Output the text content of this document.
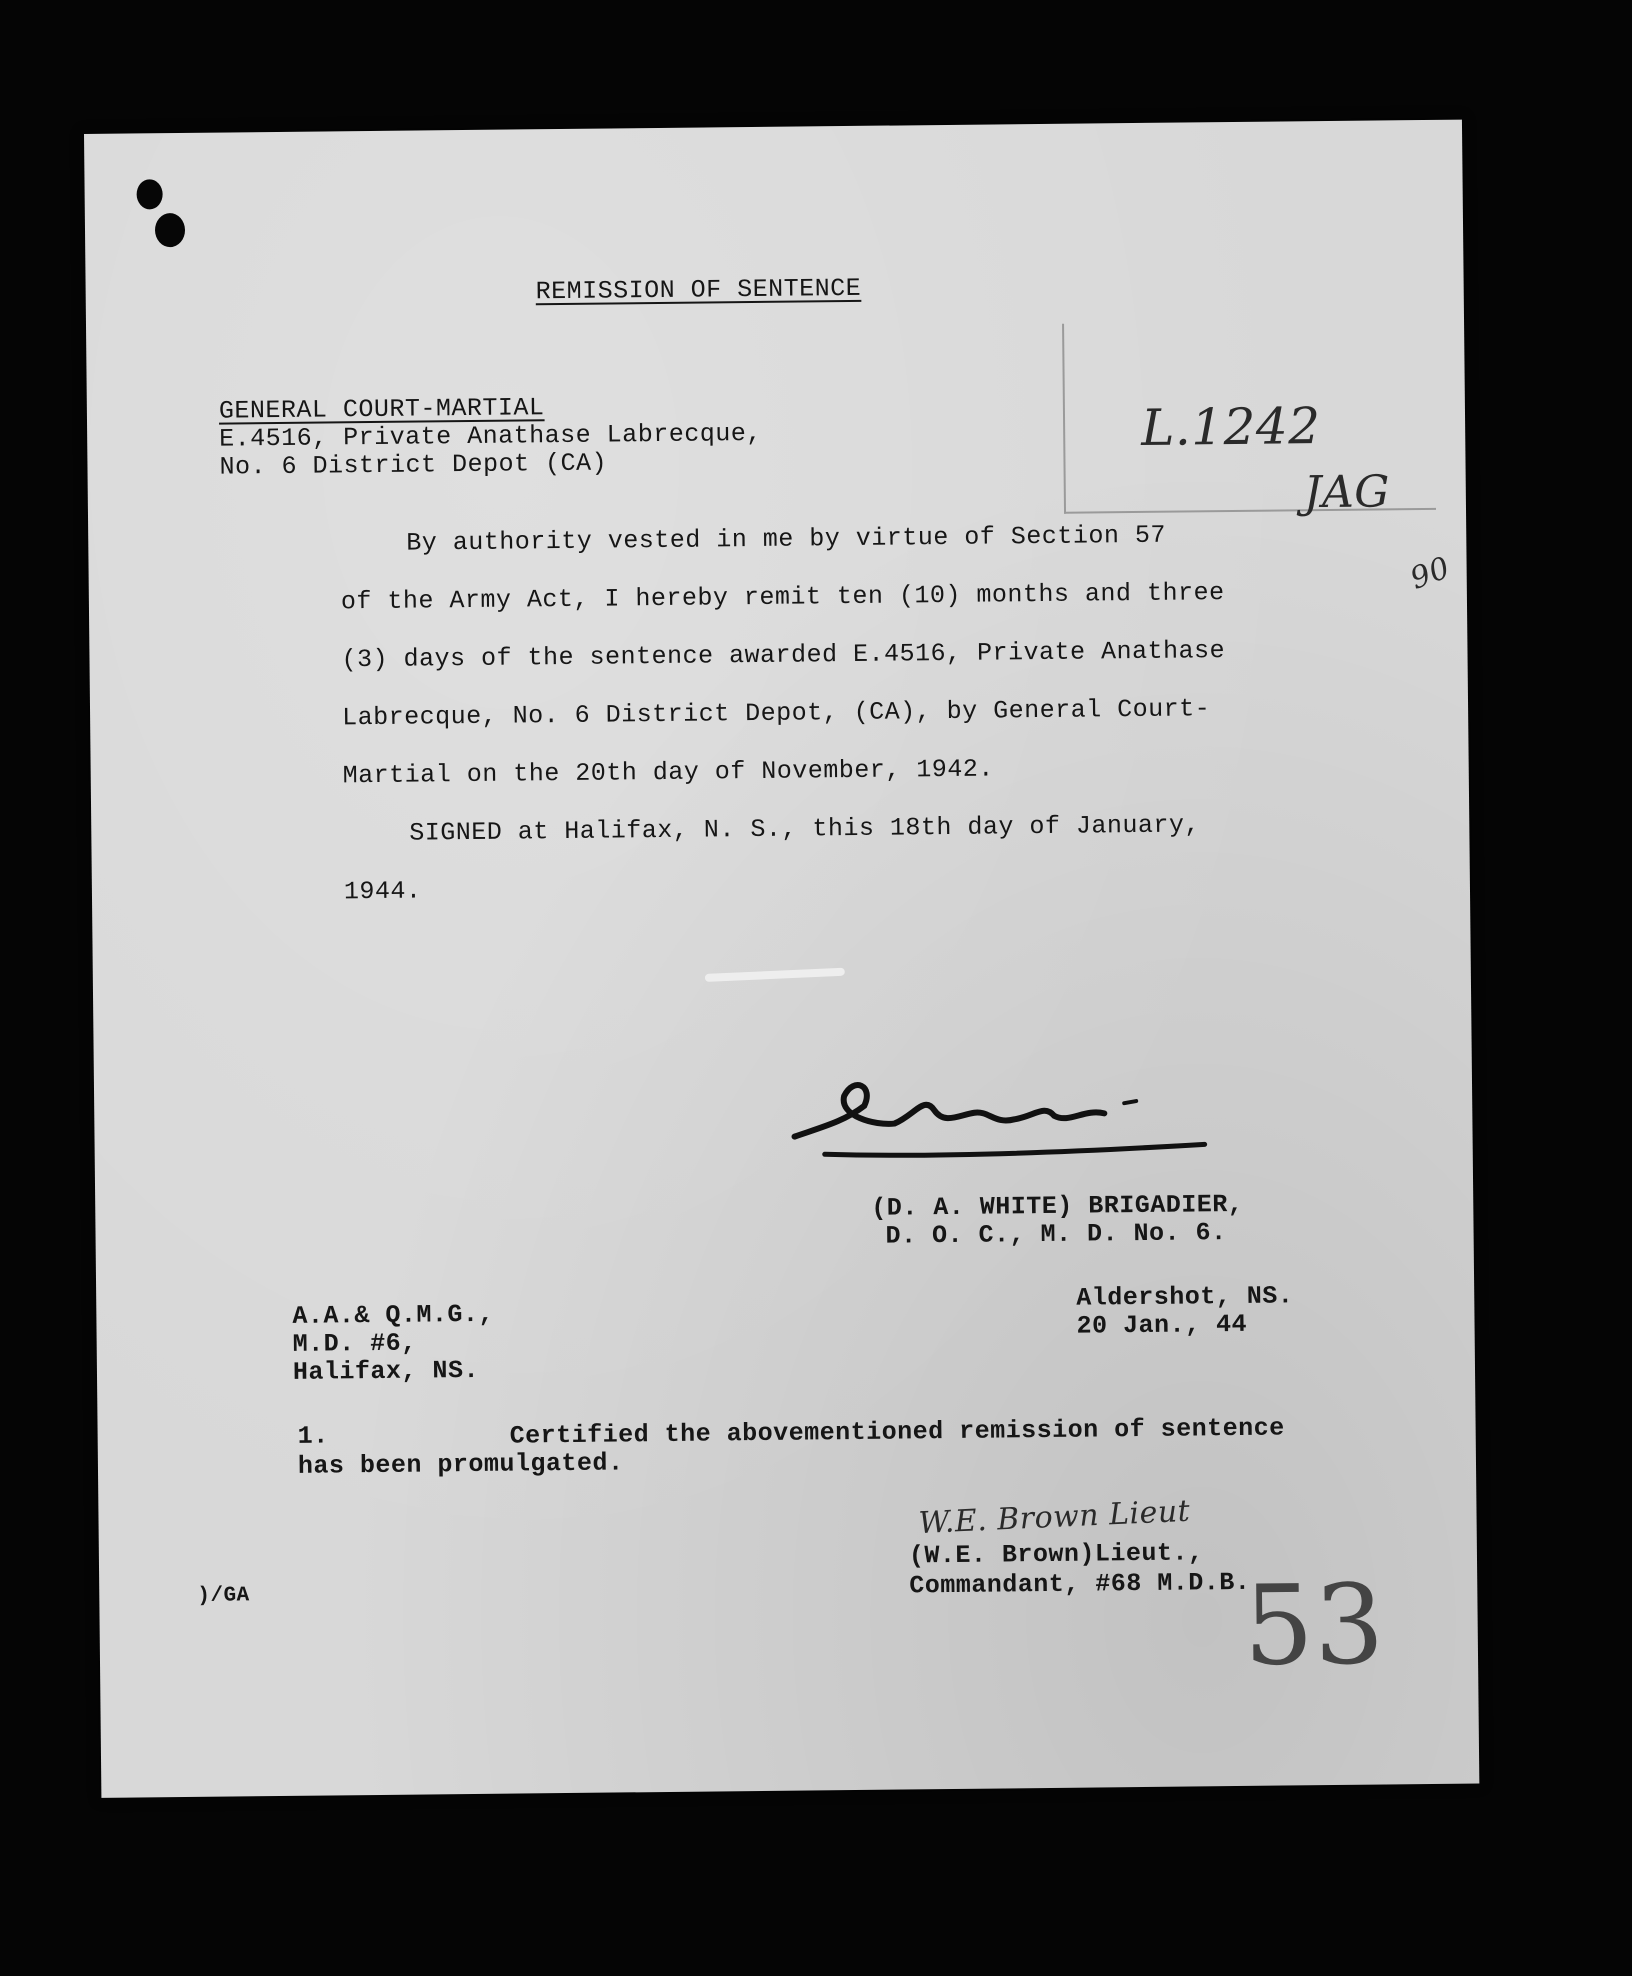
REMISSION OF SENTENCE
GENERAL COURT-MARTIAL
E.4516, Private Anathase Labrecque,
No. 6 District Depot (CA)
L.1242
JAG
90
By authority vested in me by virtue of Section 57
of the Army Act, I hereby remit ten (10) months and three
(3) days of the sentence awarded E.4516, Private Anathase
Labrecque, No. 6 District Depot, (CA), by General Court-
Martial on the 20th day of November, 1942.
SIGNED at Halifax, N. S., this 18th day of January,
1944.
(D. A. WHITE) BRIGADIER,
D. O. C., M. D. No. 6.
A.A.& Q.M.G.,
M.D. #6,
Halifax, NS.
Aldershot, NS.
20 Jan., 44
1.	Certified the abovementioned remission of sentence
has been promulgated.
W.E. Brown Lieut
(W.E. Brown)Lieut.,
Commandant, #68 M.D.B.
)/GA	53
